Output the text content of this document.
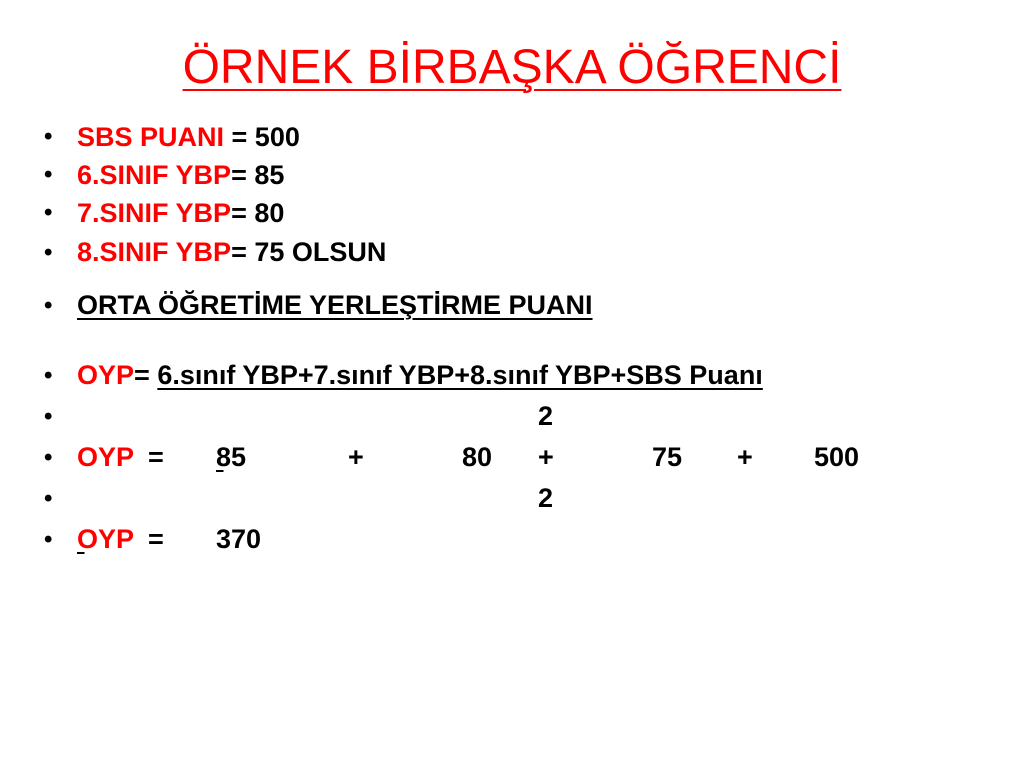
ÖRNEK BİRBAŞKA ÖĞRENCİ
• SBS PUANI = 500
• 6.SINIF YBP= 85
• 7.SINIF YBP= 80
• 8.SINIF YBP= 75 OLSUN
• ORTA ÖĞRETİME YERLEŞTİRME PUANI
• OYP= 6.sınıf YBP+7.sınıf YBP+8.sınıf YBP+SBS Puanı
•	2
• OYP =
85	+	80 +	75 + 500
•	2
•
OYP = 370
